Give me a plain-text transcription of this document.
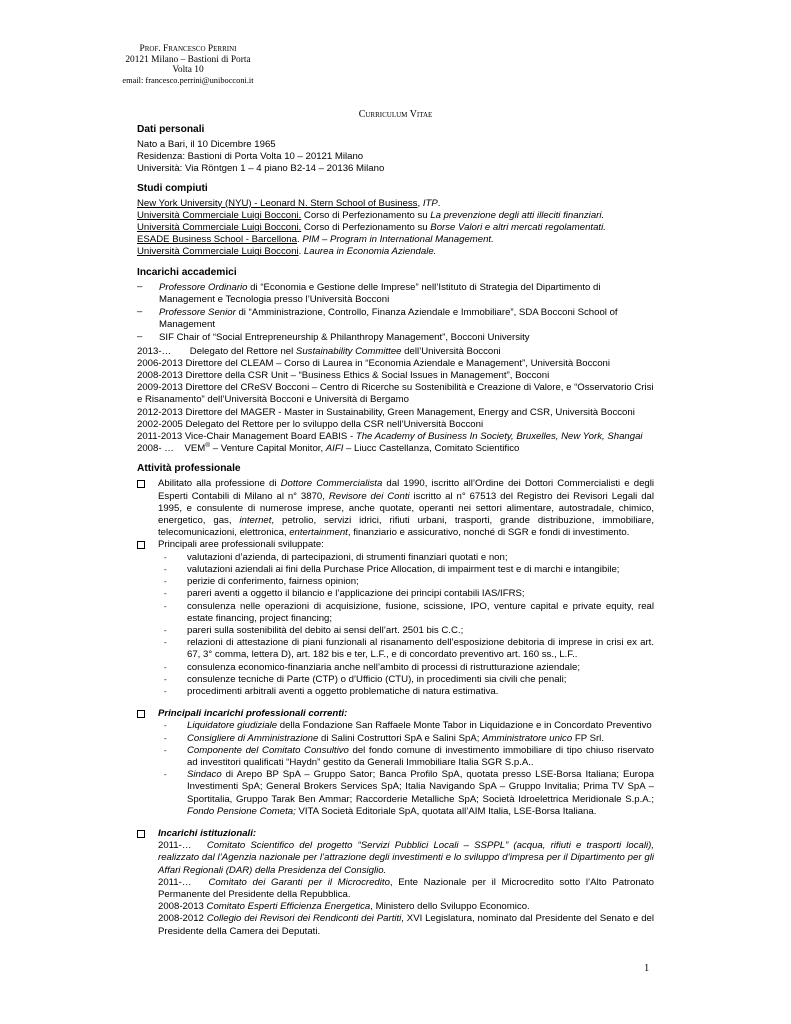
Prof. Francesco Perrini
20121 Milano – Bastioni di Porta Volta 10
email: francesco.perrini@unibocconi.it
Curriculum Vitae
Dati personali
Nato a Bari, il 10 Dicembre 1965
Residenza: Bastioni di Porta Volta 10 – 20121 Milano
Università: Via Röntgen 1 – 4 piano B2-14 – 20136 Milano
Studi compiuti
New York University (NYU) - Leonard N. Stern School of Business, ITP.
Università Commerciale Luigi Bocconi. Corso di Perfezionamento su La prevenzione degli atti illeciti finanziari.
Università Commerciale Luigi Bocconi. Corso di Perfezionamento su Borse Valori e altri mercati regolamentati.
ESADE Business School - Barcellona. PIM – Program in International Management.
Università Commerciale Luigi Bocconi. Laurea in Economia Aziendale.
Incarichi accademici
– Professore Ordinario di “Economia e Gestione delle Imprese” nell’Istituto di Strategia del Dipartimento di Management e Tecnologia presso l’Università Bocconi
– Professore Senior di “Amministrazione, Controllo, Finanza Aziendale e Immobiliare”, SDA Bocconi School of Management
– SIF Chair of “Social Entrepreneurship & Philanthropy Management”, Bocconi University
2013-…       Delegato del Rettore nel Sustainability Committee dell’Università Bocconi
2006-2013 Direttore del CLEAM – Corso di Laurea in “Economia Aziendale e Management”, Università Bocconi
2008-2013 Direttore della CSR Unit – “Business Ethics & Social Issues in Management”, Bocconi
2009-2013 Direttore del CReSV Bocconi – Centro di Ricerche su Sostenibilità e Creazione di Valore, e “Osservatorio Crisi e Risanamento” dell’Università Bocconi e Università di Bergamo
2012-2013 Direttore del MAGER - Master in Sustainability, Green Management, Energy and CSR, Università Bocconi
2002-2005 Delegato del Rettore per lo sviluppo della CSR nell’Università Bocconi
2011-2013 Vice-Chair Management Board EABIS - The Academy of Business In Society, Bruxelles, New York, Shangai
2008- …    VEM® – Venture Capital Monitor, AIFI – Liucc Castellanza, Comitato Scientifico
Attività professionale
Abilitato alla professione di Dottore Commercialista dal 1990, iscritto all’Ordine dei Dottori Commercialisti e degli Esperti Contabili di Milano al n° 3870, Revisore dei Conti iscritto al n° 67513 del Registro dei Revisori Legali dal 1995, e consulente di numerose imprese, anche quotate, operanti nei settori alimentare, autostradale, chimico, energetico, gas, internet, petrolio, servizi idrici, rifiuti urbani, trasporti, grande distribuzione, immobiliare, telecomunicazioni, elettronica, entertainment, finanziario e assicurativo, nonché di SGR e fondi di investimento.
Principali aree professionali sviluppate:
- valutazioni d’azienda, di partecipazioni, di strumenti finanziari quotati e non;
- valutazioni aziendali ai fini della Purchase Price Allocation, di impairment test e di marchi e intangibile;
- perizie di conferimento, fairness opinion;
- pareri aventi a oggetto il bilancio e l’applicazione dei principi contabili IAS/IFRS;
- consulenza nelle operazioni di acquisizione, fusione, scissione, IPO, venture capital e private equity, real estate financing, project financing;
- pareri sulla sostenibilità del debito ai sensi dell’art. 2501 bis C.C.;
- relazioni di attestazione di piani funzionali al risanamento dell’esposizione debitoria di imprese in crisi ex art. 67, 3° comma, lettera D), art. 182 bis e ter, L.F., e di concordato preventivo art. 160 ss., L.F..
- consulenza economico-finanziaria anche nell’ambito di processi di ristrutturazione aziendale;
- consulenze tecniche di Parte (CTP) o d’Ufficio (CTU), in procedimenti sia civili che penali;
- procedimenti arbitrali aventi a oggetto problematiche di natura estimativa.
Principali incarichi professionali correnti:
- Liquidatore giudiziale della Fondazione San Raffaele Monte Tabor in Liquidazione e in Concordato Preventivo
- Consigliere di Amministrazione di Salini Costruttori SpA e Salini SpA; Amministratore unico FP Srl.
- Componente del Comitato Consultivo del fondo comune di investimento immobiliare di tipo chiuso riservato ad investitori qualificati “Haydn” gestito da Generali Immobiliare Italia SGR S.p.A..
- Sindaco di Arepo BP SpA – Gruppo Sator; Banca Profilo SpA, quotata presso LSE-Borsa Italiana; Europa Investimenti SpA; General Brokers Services SpA; Italia Navigando SpA – Gruppo Invitalia; Prima TV SpA – Sportitalia, Gruppo Tarak Ben Ammar; Raccorderie Metalliche SpA; Società Idroelettrica Meridionale S.p.A.; Fondo Pensione Cometa; VITA Società Editoriale SpA, quotata all’AIM Italia, LSE-Borsa Italiana.
Incarichi istituzionali:
2011-…   Comitato Scientifico del progetto “Servizi Pubblici Locali – SSPPL” (acqua, rifiuti e trasporti locali), realizzato dal l’Agenzia nazionale per l’attrazione degli investimenti e lo sviluppo d’impresa per il Dipartimento per gli Affari Regionali (DAR) della Presidenza del Consiglio.
2011-…   Comitato dei Garanti per il Microcredito, Ente Nazionale per il Microcredito sotto l’Alto Patronato Permanente del Presidente della Repubblica.
2008-2013 Comitato Esperti Efficienza Energetica, Ministero dello Sviluppo Economico.
2008-2012 Collegio dei Revisori dei Rendiconti dei Partiti, XVI Legislatura, nominato dal Presidente del Senato e del Presidente della Camera dei Deputati.
1
